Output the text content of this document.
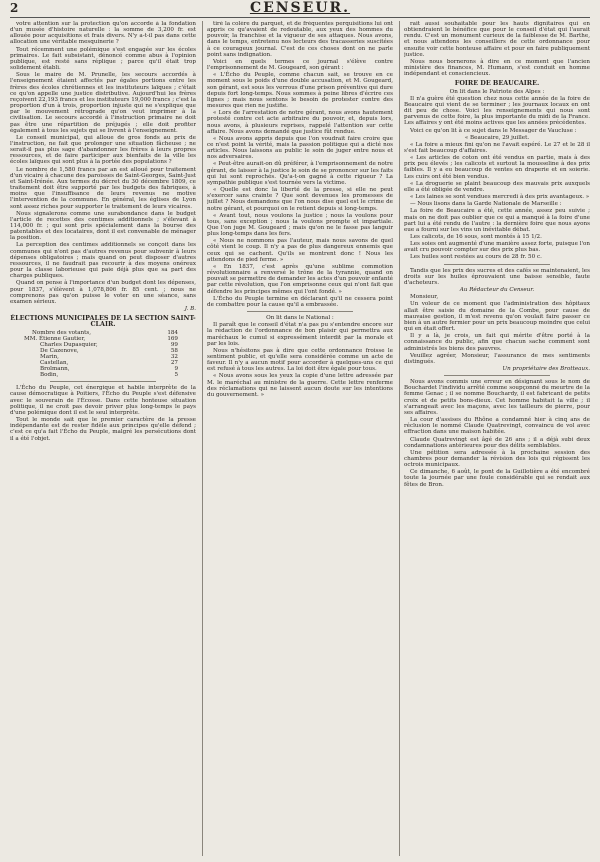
2	CENSEUR.

votre attention sur la protection qu'on accorde à la fondation d'un musée d'histoire naturelle : la somme de 3,200 fr. est allouée pour acquisitions et frais divers. N'y a-t-il pas dans cette allocation une véritable mesquinerie ?

Tout récemment une polémique s'est engagée sur les écoles primaires. Le fait subsistant, dénoncé comme abus à l'opinion publique, est resté sans réplique ; parce qu'il était trop solidement établi.

Sous le maire de M. Prunelle, les secours accordés à l'enseignement étaient affectés par égales portions entre les frères des écoles chrétiennes et les instituteurs laïques ; c'était ce qu'on appelle une justice distributive. Aujourd'hui les frères reçoivent 22,193 francs et les instituteurs 19,000 francs ; c'est la proportion d'un à trois, proportion injuste qui ne s'explique que par le mouvement rétrograde qu'on veut imprimer à la civilisation. Le secours accordé à l'instruction primaire ne doit pas être une répartition de préjugés ; elle doit profiter également à tous les sujets qui se livrent à l'enseignement.

Le conseil municipal, qui alloue de gros fonds au prix de l'instruction, ne fait que prolonger une situation fâcheuse ; ne serait-il pas plus sage d'abandonner les frères à leurs propres ressources, et de faire participer aux bienfaits de la ville les écoles laïques qui sont plus à la portée des populations ?

Le nombre de 1,580 francs par an est alloué pour traitement d'un vicaire à chacune des paroisses de Saint-Georges, Saint-Just et Saint-Irénée. Aux termes du décret du 30 décembre 1809, ce traitement doit être supporté par les budgets des fabriques, à moins que l'insuffisance de leurs revenus ne motive l'intervention de la commune. En général, les églises de Lyon sont assez riches pour supporter le traitement de leurs vicaires.

Nous signalerons comme une surabondance dans le budget l'article de recettes des centimes additionnels ; s'élevant à 114,000 fr. ; qui sont pris spécialement dans la bourse des patentables et des locataires, dont il est convenable de ménager la position.

La perception des centimes additionnels se conçoit dans les communes qui n'ont pas d'autres revenus pour subvenir à leurs dépenses obligatoires ; mais quand on peut disposer d'autres ressources, il ne faudrait pas recourir à des moyens onéreux pour la classe laborieuse qui paie déjà plus que sa part des charges publiques.

Quand on pense à l'importance d'un budget dont les dépenses, pour 1837, s'élèvent à 1,078,806 fr. 85 cent. ; nous ne comprenons pas qu'on puisse le voter en une séance, sans examen sérieux.

J. B.

ÉLECTIONS MUNICIPALES DE LA SECTION SAINT-CLAIR.

Nombre des votants,	184
MM. Étienne Gautier,	169
Charles Dupasquier,	99
De Cazenove,	58
Marin,	32
Castellan,	27
Brolmann,	9
Bodin,	5

L'Écho du Peuple, cet énergique et habile interprète de la cause démocratique à Poitiers, l'Écho du Peuple s'est défensive avec le souverain de l'Écosse. Dans cette honteuse situation politique, il ne croit pas devoir priver plus long-temps le pays d'une polémique dont il est le seul interprète.

Tout le monde sait que le premier caractère de la presse indépendante est de rester fidèle aux principes qu'elle défend ; c'est ce qu'a fait l'Écho du Peuple, malgré les persécutions dont il a été l'objet.

tiré la colère du parquet, et de fréquentes perquisitions lui ont appris ce qu'avaient de redoutable, aux yeux des hommes du pouvoir, la franchise et la vigueur de ses attaques. Nous avons, dans le temps, entretenu nos lecteurs des tracasseries suscitées à ce courageux journal. C'est de ces choses dont on ne parle point sans indignation.

Voici en quels termes ce journal s'élève contre l'emprisonnement de M. Gougeard, son gérant :

« L'Écho du Peuple, comme chacun sait, se trouve en ce moment sous le poids d'une double accusation, et M. Gougeard, son gérant, est sous les verrous d'une prison préventive qui dure depuis fort long-temps. Nous sommes à peine libres d'écrire ces lignes ; mais nous sentons le besoin de protester contre des mesures que rien ne justifie.

« Lors de l'arrestation de notre gérant, nous avons hautement protesté contre cet acte arbitraire du pouvoir, et, depuis lors, nous avons, à plusieurs reprises, rappelé l'attention sur cette affaire. Nous avons demandé que justice fût rendue.

« Nous avons appris depuis que l'on voudrait faire croire que ce n'est point la vérité, mais la passion politique qui a dicté nos articles. Nous laissons au public le soin de juger entre nous et nos adversaires.

« Peut-être aurait-on dû préférer, à l'emprisonnement de notre gérant, de laisser à la justice le soin de se prononcer sur les faits qui lui sont reprochés. Qu'a-t-on gagné à cette rigueur ? La sympathie publique s'est tournée vers la victime.

« Quelle est donc la liberté de la presse, si elle ne peut s'exercer sans crainte ? Que sont devenues les promesses de juillet ? Nous demandons que l'on nous dise quel est le crime de notre gérant, et pourquoi on le retient depuis si long-temps.

« Avant tout, nous voulons la justice ; nous la voulons pour tous, sans exception ; nous la voulons prompte et impartiale. Que l'on juge M. Gougeard ; mais qu'on ne le fasse pas languir plus long-temps dans les fers.

« Nous ne nommons pas l'auteur, mais nous savons de quel côté vient le coup. Il n'y a pas de plus dangereux ennemis que ceux qui se cachent. Qu'ils se montrent donc ! Nous les attendons de pied ferme. »

« En 1837, c'est après qu'une sublime commotion révolutionnaire a renversé le trône de la tyrannie, quand on pouvait se permettre de demander les actes d'un pouvoir enfanté par cette révolution, que l'on emprisonne ceux qui n'ont fait que défendre les principes mêmes qui l'ont fondé. »

L'Écho du Peuple termine en déclarant qu'il ne cessera point de combattre pour la cause qu'il a embrassée.

On lit dans le National :

Il paraît que le conseil d'état n'a pas pu s'entendre encore sur la rédaction de l'ordonnance de bon plaisir qui permettra aux maréchaux le cumul si expressément interdit par la morale et par les lois.

Nous n'hésitons pas à dire que cette ordonnance froisse le sentiment public, et qu'elle sera considérée comme un acte de faveur. Il n'y a aucun motif pour accorder à quelques-uns ce qui est refusé à tous les autres. La loi doit être égale pour tous.

« Nous avons sous les yeux la copie d'une lettre adressée par M. le maréchal au ministre de la guerre. Cette lettre renferme des réclamations qui ne laissent aucun doute sur les intentions du gouvernement. »

rait aussi souhaitable pour les hauts dignitaires qui en obtiendraient le bénéfice que pour le conseil d'état qui l'aurait rendu. C'est un monument curieux de la faiblesse de M. Barthe, et nous attendons les conseillers de cette ordonnance pour ensuite voir cette honteuse affaire et pour en faire publiquement justice.

Nous nous bornerons à dire en ce moment que l'ancien ministère des finances, M. Humann, s'est conduit en homme indépendant et consciencieux.

FOIRE DE BEAUCAIRE.

On lit dans le Patriote des Alpes :

Il n'a guère été question chez nous cette année de la foire de Beaucaire qui vient de se terminer ; les journaux locaux en ont dit peu de chose. Voici les renseignements qui nous sont parvenus de cette foire, la plus importante du midi de la France. Les affaires y ont été moins actives que les années précédentes.

Voici ce qu'on lit à ce sujet dans le Messager de Vaucluse :

« Beaucaire, 29 juillet.

« La foire a mieux fini qu'on ne l'avait espéré. Le 27 et le 28 il s'est fait beaucoup d'affaires.

« Les articles de coton ont été vendus en partie, mais à des prix peu élevés ; les calicots et surtout la mousseline à des prix faibles. Il y a eu beaucoup de ventes en draperie et en soierie. Les cuirs ont été bien vendus.

« La droguerie se plaint beaucoup des mauvais prix auxquels elle a été obligée de vendre.

« Les laines se sont vendues mercredi à des prix avantageux. »

— Nous lisons dans la Garde Nationale de Marseille :

La foire de Beaucaire a été, cette année, assez peu suivie ; mais on ne doit pas oublier que ce qui a manqué à la foire d'une part lui a été rendu de l'autre : la dernière foire que nous ayons eue a fourni sur les vins un inévitable débat.

Les calicots, de 16 sous, sont montés à 15 1/2.

Les soies ont augmenté d'une manière assez forte, puisque l'on avait cru pouvoir compter sur des prix plus bas.

Les huiles sont restées au cours de 28 fr. 50 c.

Tandis que les prix des sucres et des cafés se maintenaient, les droits sur les huiles éprouvaient une baisse sensible, faute d'acheteurs.

Au Rédacteur du Censeur.

Monsieur,

Un voleur de ce moment que l'administration des hôpitaux allait être saisie du domaine de la Combe, pour cause de mauvaise gestion, il m'est revenu qu'on voulait faire passer ce bien à un autre fermier pour un prix beaucoup moindre que celui qui en était offert.

Il y a là, je crois, un fait qui mérite d'être porté à la connaissance du public, afin que chacun sache comment sont administrés les biens des pauvres.

Veuillez agréer, Monsieur, l'assurance de mes sentiments distingués.

Un propriétaire des Brotteaux.

Nous avons commis une erreur en désignant sous le nom de Bouchardet l'individu arrêté comme soupçonné du meurtre de la femme Genac ; il se nomme Bouchardy, il est fabricant de petits croix et de petits bons-dieux. Cet homme habitait la ville ; il s'arrangeait avec les maçons, avec les tailleurs de pierre, pour ses affaires.

La cour d'assises du Rhône a condamné hier à cinq ans de réclusion le nommé Claude Quatrevingt, convaincu de vol avec effraction dans une maison habitée.

Claude Quatrevingt est âgé de 26 ans ; il a déjà subi deux condamnations antérieures pour des délits semblables.

Une pétition sera adressée à la prochaine session des chambres pour demander la révision des lois qui régissent les octrois municipaux.

Ce dimanche, 6 août, le pont de la Guillotière a été encombré toute la journée par une foule considérable qui se rendait aux fêtes de Bron.
